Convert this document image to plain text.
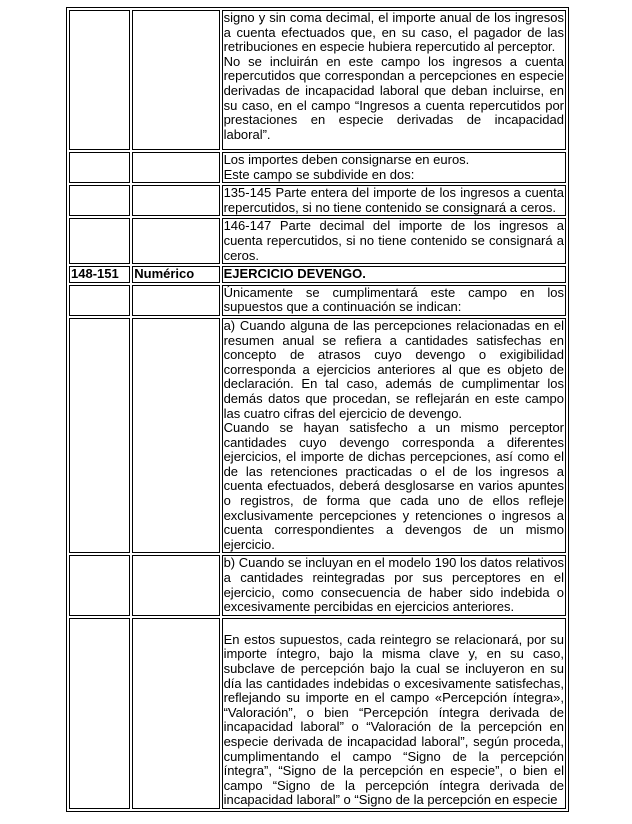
		signo y sin coma decimal, el importe anual de los ingresos a cuenta efectuados que, en su caso, el pagador de las retribuciones en especie hubiera repercutido al perceptor.

No se incluirán en este campo los ingresos a cuenta repercutidos que correspondan a percepciones en especie derivadas de incapacidad laboral que deban incluirse, en su caso, en el campo “Ingresos a cuenta repercutidos por prestaciones en especie derivadas de incapacidad laboral”.

		Los importes deben consignarse en euros.

Este campo se subdivide en dos:

		135-145 Parte entera del importe de los ingresos a cuenta repercutidos, si no tiene contenido se consignará a ceros.

		146-147 Parte decimal del importe de los ingresos a cuenta repercutidos, si no tiene contenido se consignará a ceros.

148-151	Numérico	EJERCICIO DEVENGO.

		Únicamente se cumplimentará este campo en los supuestos que a continuación se indican:

		a) Cuando alguna de las percepciones relacionadas en el resumen anual se refiera a cantidades satisfechas en concepto de atrasos cuyo devengo o exigibilidad corresponda a ejercicios anteriores al que es objeto de declaración. En tal caso, además de cumplimentar los demás datos que procedan, se reflejarán en este campo las cuatro cifras del ejercicio de devengo.

Cuando se hayan satisfecho a un mismo perceptor cantidades cuyo devengo corresponda a diferentes ejercicios, el importe de dichas percepciones, así como el de las retenciones practicadas o el de los ingresos a cuenta efectuados, deberá desglosarse en varios apuntes o registros, de forma que cada uno de ellos refleje exclusivamente percepciones y retenciones o ingresos a cuenta correspondientes a devengos de un mismo ejercicio.

		b) Cuando se incluyan en el modelo 190 los datos relativos a cantidades reintegradas por sus perceptores en el ejercicio, como consecuencia de haber sido indebida o excesivamente percibidas en ejercicios anteriores.

		En estos supuestos, cada reintegro se relacionará, por su importe íntegro, bajo la misma clave y, en su caso, subclave de percepción bajo la cual se incluyeron en su día las cantidades indebidas o excesivamente satisfechas, reflejando su importe en el campo «Percepción íntegra», “Valoración”, o bien “Percepción íntegra derivada de incapacidad laboral” o “Valoración de la percepción en especie derivada de incapacidad laboral”, según proceda, cumplimentando el campo “Signo de la percepción íntegra”, “Signo de la percepción en especie”, o bien el campo “Signo de la percepción íntegra derivada de incapacidad laboral” o “Signo de la percepción en especie
